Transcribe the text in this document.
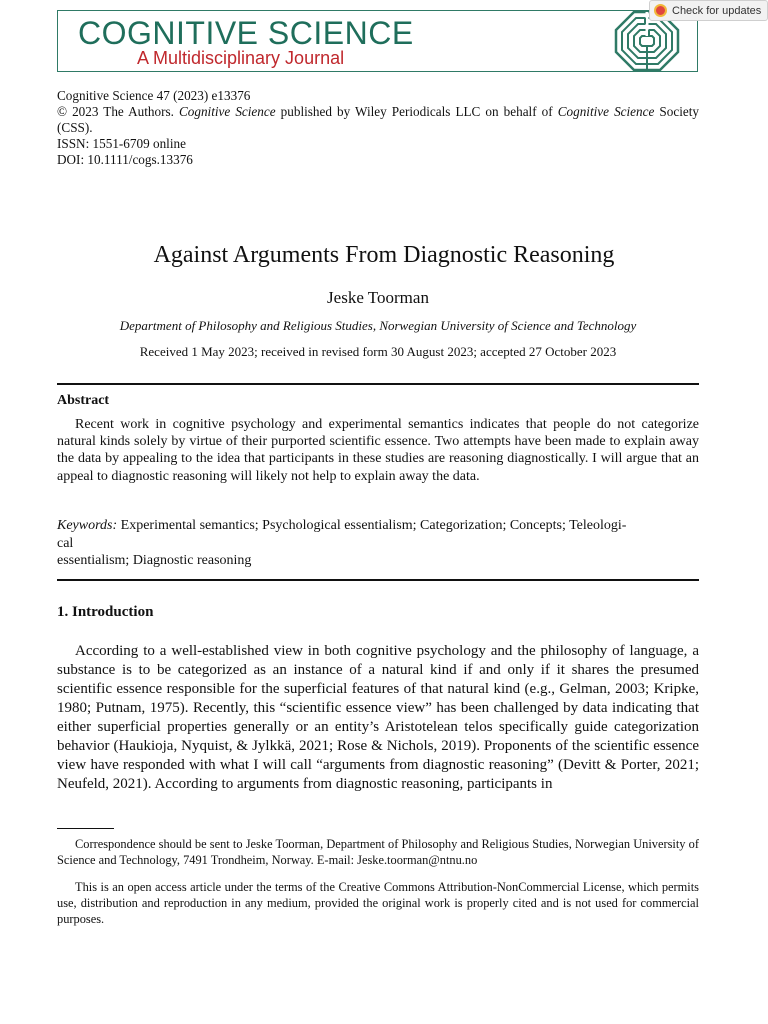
COGNITIVE SCIENCE
A Multidisciplinary Journal
Check for updates
Cognitive Science 47 (2023) e13376
© 2023 The Authors. Cognitive Science published by Wiley Periodicals LLC on behalf of Cognitive Science Society (CSS).
ISSN: 1551-6709 online
DOI: 10.1111/cogs.13376
Against Arguments From Diagnostic Reasoning
Jeske Toorman
Department of Philosophy and Religious Studies, Norwegian University of Science and Technology
Received 1 May 2023; received in revised form 30 August 2023; accepted 27 October 2023
Abstract

Recent work in cognitive psychology and experimental semantics indicates that people do not categorize natural kinds solely by virtue of their purported scientific essence. Two attempts have been made to explain away the data by appealing to the idea that participants in these studies are reasoning diagnostically. I will argue that an appeal to diagnostic reasoning will likely not help to explain away the data.

Keywords: Experimental semantics; Psychological essentialism; Categorization; Concepts; Teleologi-
cal
essentialism; Diagnostic reasoning
1. Introduction

According to a well-established view in both cognitive psychology and the philosophy of language, a substance is to be categorized as an instance of a natural kind if and only if it shares the presumed scientific essence responsible for the superficial features of that natural kind (e.g., Gelman, 2003; Kripke, 1980; Putnam, 1975). Recently, this “scientific essence view” has been challenged by data indicating that either superficial properties generally or an entity’s Aristotelean telos specifically guide categorization behavior (Haukioja, Nyquist, & Jylkkä, 2021; Rose & Nichols, 2019). Proponents of the scientific essence view have responded with what I will call “arguments from diagnostic reasoning” (Devitt & Porter, 2021; Neufeld, 2021). According to arguments from diagnostic reasoning, participants in

Correspondence should be sent to Jeske Toorman, Department of Philosophy and Religious Studies, Norwegian University of Science and Technology, 7491 Trondheim, Norway. E-mail: Jeske.toorman@ntnu.no

This is an open access article under the terms of the Creative Commons Attribution-NonCommercial License, which permits use, distribution and reproduction in any medium, provided the original work is properly cited and is not used for commercial purposes.
